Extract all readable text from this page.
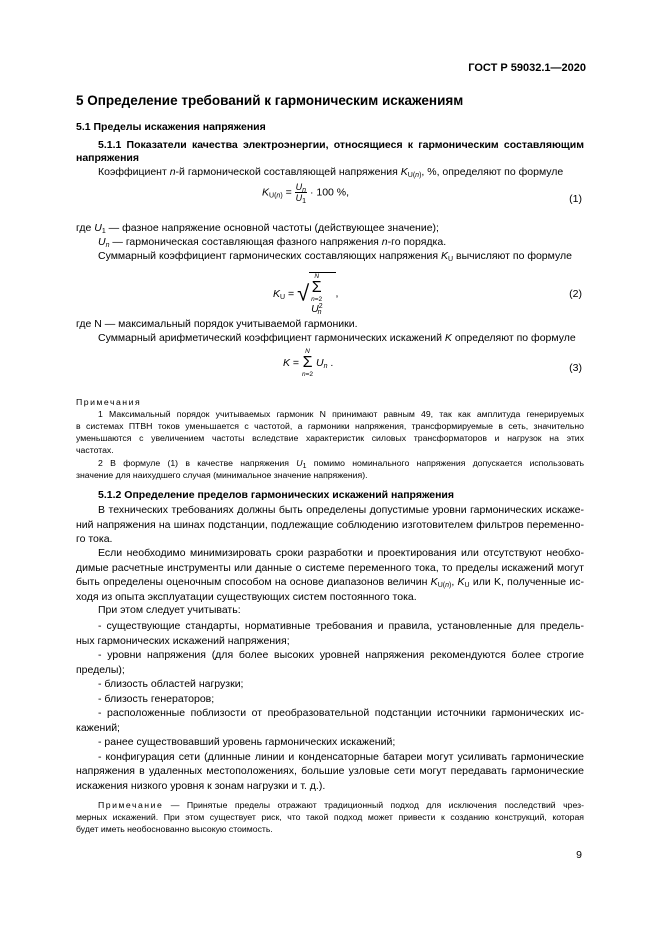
ГОСТ Р 59032.1—2020
5 Определение требований к гармоническим искажениям
5.1 Пределы искажения напряжения
5.1.1 Показатели качества электроэнергии, относящиеся к гармоническим составляющим
напряжения
Коэффициент n-й гармонической составляющей напряжения $K_{U(n)}$, %, определяют по формуле
$K_{U(n)} = \frac{U_n}{U_1} \cdot 100$ %,
(1)
где $U_1$ — фазное напряжение основной частоты (действующее значение);
$U_n$ — гармоническая составляющая фазного напряжения n-го порядка.
Суммарный коэффициент гармонических составляющих напряжения $K_U$ вычисляют по формуле
$K_U = √N$
Σ
n=2 $U^2_n$,	(2)
где N — максимальный порядок учитываемой гармоники.
Суммарный арифметический коэффициент гармонических искажений K определяют по формуле
K = N
Σ
n=2 $U_n$ .	(3)
Примечания
1 Максимальный порядок учитываемых гармоник N принимают равным 49, так как амплитуда генерируемых
в системах ПТВН токов уменьшается с частотой, а гармоники напряжения, трансформируемые в сеть, значительно
уменьшаются с увеличением частоты вследствие характеристик силовых трансформаторов и нагрузок на этих
частотах.
2 В формуле (1) в качестве напряжения $U_1$ помимо номинального напряжения допускается использовать
значение для наихудшего случая (минимальное значение напряжения).
5.1.2 Определение пределов гармонических искажений напряжения
В технических требованиях должны быть определены допустимые уровни гармонических искаже-
ний напряжения на шинах подстанции, подлежащие соблюдению изготовителем фильтров переменно-
го тока.
Если необходимо минимизировать сроки разработки и проектирования или отсутствуют необхо-
димые расчетные инструменты или данные о системе переменного тока, то пределы искажений могут
быть определены оценочным способом на основе диапазонов величин $K_{U(n)}$, $K_U$ или K, полученные ис-
ходя из опыта эксплуатации существующих систем постоянного тока.
При этом следует учитывать:
- существующие стандарты, нормативные требования и правила, установленные для предель-
ных гармонических искажений напряжения;
- уровни напряжения (для более высоких уровней напряжения рекомендуются более строгие
пределы);
- близость областей нагрузки;
- близость генераторов;
- расположенные поблизости от преобразовательной подстанции источники гармонических ис-
кажений;
- ранее существовавший уровень гармонических искажений;
- конфигурация сети (длинные линии и конденсаторные батареи могут усиливать гармонические
напряжения в удаленных местоположениях, большие узловые сети могут передавать гармонические
искажения низкого уровня к зонам нагрузки и т. д.).
Примечание — Принятые пределы отражают традиционный подход для исключения последствий чрез-
мерных искажений. При этом существует риск, что такой подход может привести к созданию конструкций, которая
будет иметь необоснованно высокую стоимость.
9
